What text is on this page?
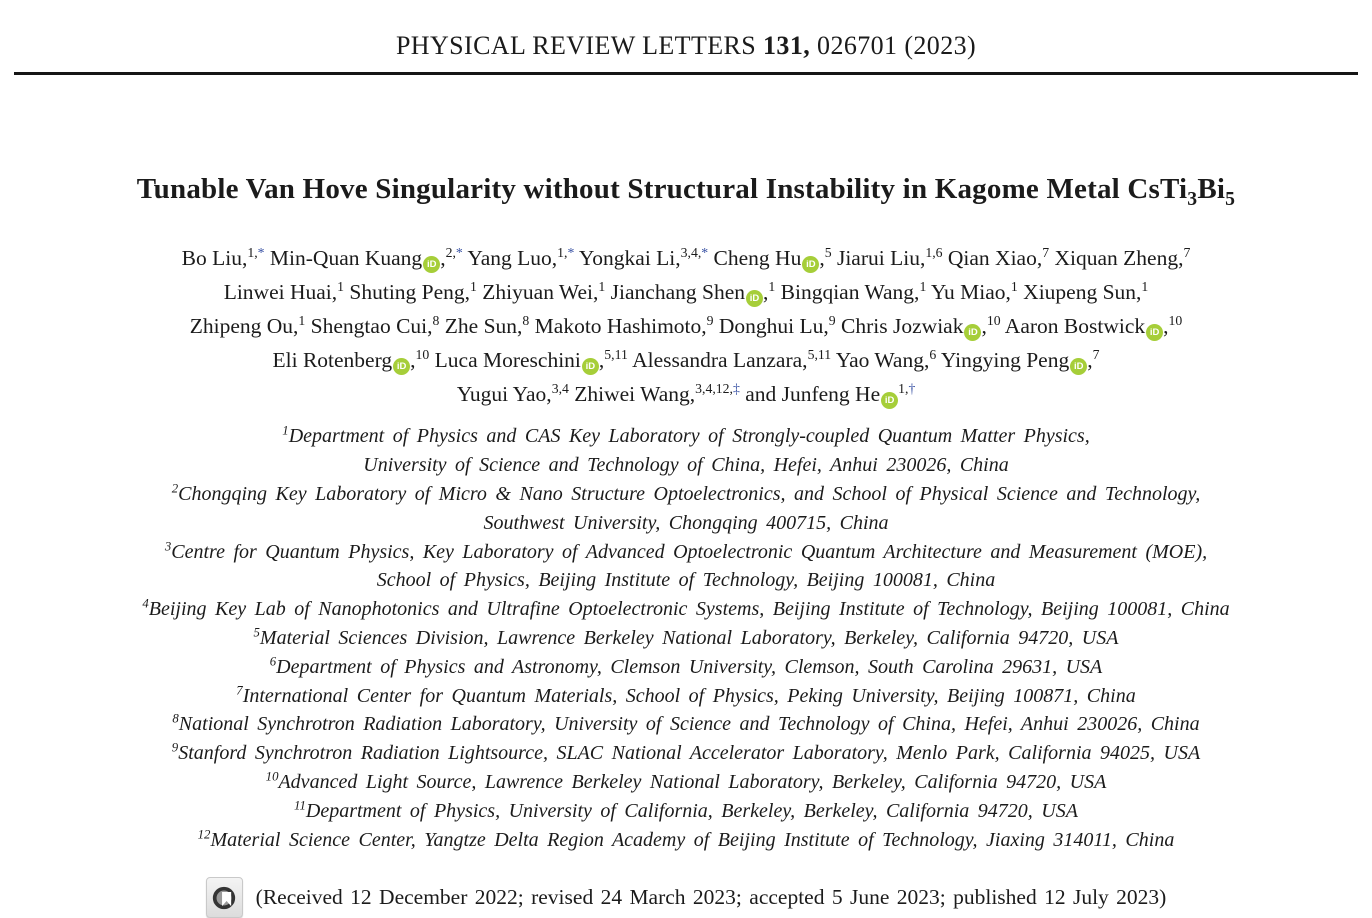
PHYSICAL REVIEW LETTERS 131, 026701 (2023)
Tunable Van Hove Singularity without Structural Instability in Kagome Metal $CsTi_3Bi_5$
Bo Liu,$^{1,*}$ Min-Quan Kuang iD ,$^{2,*}$ Yang Luo,$^{1,*}$ Yongkai Li,$^{3,4,*}$ Cheng Hu iD ,$^5$ Jiarui Liu,$^{1,6}$ Qian Xiao,$^7$ Xiquan Zheng,$^7$
Linwei Huai,$^1$ Shuting Peng,$^1$ Zhiyuan Wei,$^1$ Jianchang Shen iD ,$^1$ Bingqian Wang,$^1$ Yu Miao,$^1$ Xiupeng Sun,$^1$
Zhipeng Ou,$^1$ Shengtao Cui,$^8$ Zhe Sun,$^8$ Makoto Hashimoto,$^9$ Donghui Lu,$^9$ Chris Jozwiak iD ,$^{10}$ Aaron Bostwick iD ,$^{10}$
Eli Rotenberg iD ,$^{10}$ Luca Moreschini iD ,$^{5,11}$ Alessandra Lanzara,$^{5,11}$ Yao Wang,$^6$ Yingying Peng iD ,$^7$
Yugui Yao,$^{3,4}$ Zhiwei Wang,$^{3,4,12,\ddagger}$ and Junfeng He $iD^{1,\dagger}$
$^1$Department of Physics and CAS Key Laboratory of Strongly-coupled Quantum Matter Physics,
University of Science and Technology of China, Hefei, Anhui 230026, China
$^2$Chongqing Key Laboratory of Micro & Nano Structure Optoelectronics, and School of Physical Science and Technology,
Southwest University, Chongqing 400715, China
$^3$Centre for Quantum Physics, Key Laboratory of Advanced Optoelectronic Quantum Architecture and Measurement (MOE),
School of Physics, Beijing Institute of Technology, Beijing 100081, China
$^4$Beijing Key Lab of Nanophotonics and Ultrafine Optoelectronic Systems, Beijing Institute of Technology, Beijing 100081, China
$^5$Material Sciences Division, Lawrence Berkeley National Laboratory, Berkeley, California 94720, USA
$^6$Department of Physics and Astronomy, Clemson University, Clemson, South Carolina 29631, USA
$^7$International Center for Quantum Materials, School of Physics, Peking University, Beijing 100871, China
$^8$National Synchrotron Radiation Laboratory, University of Science and Technology of China, Hefei, Anhui 230026, China
$^9$Stanford Synchrotron Radiation Lightsource, SLAC National Accelerator Laboratory, Menlo Park, California 94025, USA
$^{10}$Advanced Light Source, Lawrence Berkeley National Laboratory, Berkeley, California 94720, USA
$^{11}$Department of Physics, University of California, Berkeley, Berkeley, California 94720, USA
$^{12}$Material Science Center, Yangtze Delta Region Academy of Beijing Institute of Technology, Jiaxing 314011, China
(Received 12 December 2022; revised 24 March 2023; accepted 5 June 2023; published 12 July 2023)
